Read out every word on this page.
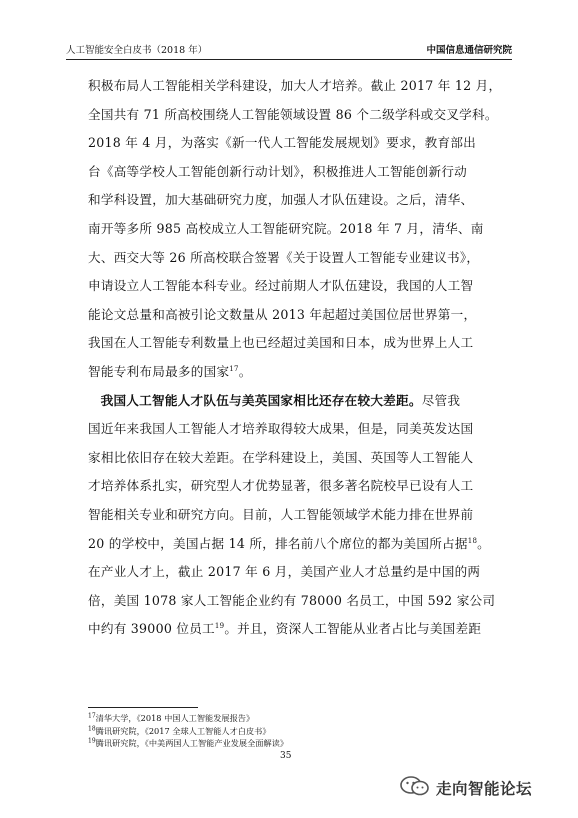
人工智能安全白皮书（2018 年）	中国信息通信研究院
积极布局人工智能相关学科建设，加大人才培养。截止 2017 年 12 月，
全国共有 71 所高校围绕人工智能领域设置 86 个二级学科或交叉学科。
2018 年 4 月，为落实《新一代人工智能发展规划》要求，教育部出
台《高等学校人工智能创新行动计划》，积极推进人工智能创新行动
和学科设置，加大基础研究力度，加强人才队伍建设。之后，清华、
南开等多所 985 高校成立人工智能研究院。2018 年 7 月，清华、南
大、西交大等 26 所高校联合签署《关于设置人工智能专业建议书》，
申请设立人工智能本科专业。经过前期人才队伍建设，我国的人工智
能论文总量和高被引论文数量从 2013 年起超过美国位居世界第一，
我国在人工智能专利数量上也已经超过美国和日本，成为世界上人工
智能专利布局最多的国家$^{17}$。
我国人工智能人才队伍与美英国家相比还存在较大差距。尽管我
国近年来我国人工智能人才培养取得较大成果，但是，同美英发达国
家相比依旧存在较大差距。在学科建设上，美国、英国等人工智能人
才培养体系扎实，研究型人才优势显著，很多著名院校早已设有人工
智能相关专业和研究方向。目前，人工智能领域学术能力排在世界前
20 的学校中，美国占据 14 所，排名前八个席位的都为美国所占据$^{18}$。
在产业人才上，截止 2017 年 6 月，美国产业人才总量约是中国的两
倍，美国 1078 家人工智能企业约有 78000 名员工，中国 592 家公司
中约有 39000 位员工$^{19}$。并且，资深人工智能从业者占比与美国差距
$^{17}$清华大学，《2018 中国人工智能发展报告》
$^{18}$腾讯研究院，《2017 全球人工智能人才白皮书》
$^{19}$腾讯研究院，《中美两国人工智能产业发展全面解读》
35
走向智能论坛
